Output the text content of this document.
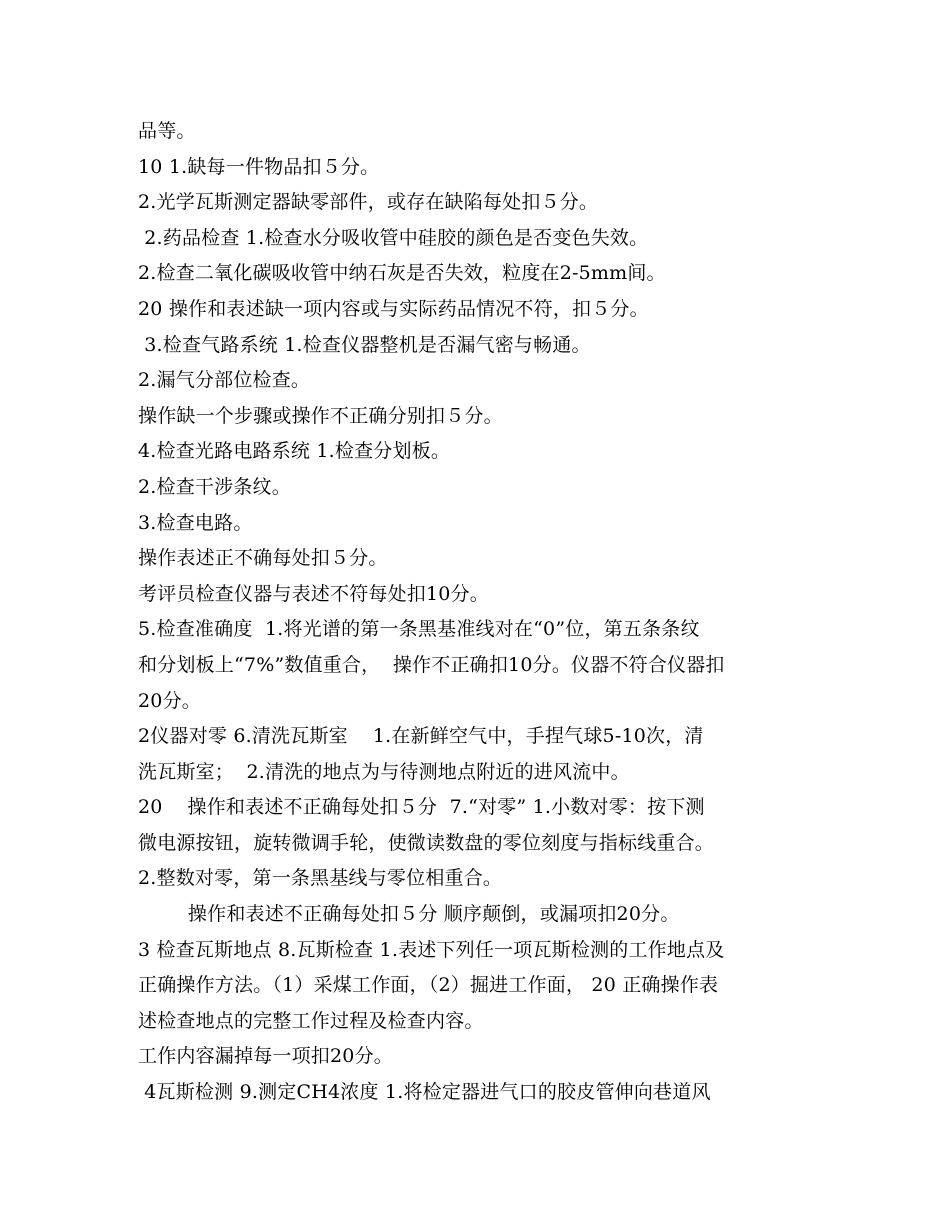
品等。
10 1.缺每一件物品扣５分。
2.光学瓦斯测定器缺零部件，或存在缺陷每处扣５分。
2.药品检查 1.检查水分吸收管中硅胶的颜色是否变色失效。
2.检查二氧化碳吸收管中纳石灰是否失效，粒度在2-5mm间。
20 操作和表述缺一项内容或与实际药品情况不符，扣５分。
3.检查气路系统 1.检查仪器整机是否漏气密与畅通。
2.漏气分部位检查。
操作缺一个步骤或操作不正确分别扣５分。
4.检查光路电路系统 1.检查分划板。
2.检查干涉条纹。
3.检查电路。
操作表述正不确每处扣５分。
考评员检查仪器与表述不符每处扣10分。
5.检查准确度  1.将光谱的第一条黑基准线对在“0”位，第五条条纹
和分划板上“7%”数值重合，  操作不正确扣10分。仪器不符合仪器扣
20分。
2仪器对零 6.清洗瓦斯室    1.在新鲜空气中，手捏气球5-10次，清
洗瓦斯室；  2.清洗的地点为与待测地点附近的进风流中。
20    操作和表述不正确每处扣５分  7.“对零” 1.小数对零：按下测
微电源按钮，旋转微调手轮，使微读数盘的零位刻度与指标线重合。
2.整数对零，第一条黑基线与零位相重合。
操作和表述不正确每处扣５分 顺序颠倒，或漏项扣20分。
3 检查瓦斯地点 8.瓦斯检查 1.表述下列任一项瓦斯检测的工作地点及
正确操作方法。（1）采煤工作面，（2）掘进工作面， 20 正确操作表
述检查地点的完整工作过程及检查内容。
工作内容漏掉每一项扣20分。
4瓦斯检测 9.测定CH4浓度 1.将检定器进气口的胶皮管伸向巷道风
